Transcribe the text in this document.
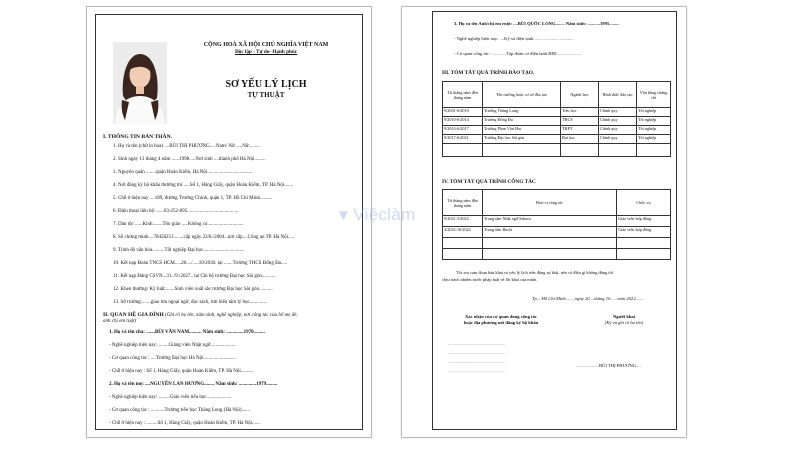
CỘNG HOÀ XÃ HỘI CHỦ NGHĨA VIỆT NAM
Độc lập - Tự do- Hạnh phúc
SƠ YẾU LÝ LỊCH
TỰ THUẬT
I. THÔNG TIN BẢN THÂN.
1. Họ và tên (chữ in hoa) ....BÙI THỊ PHƯƠNG.....Nam/ Nữ .....Nữ.........
2. Sinh ngày 13 tháng 4 năm ......1998.....Nơi sinh ....thành phố Hà Nội.........
3. Nguyên quán ........quận Hoàn Kiếm, Hà Nội....................................
4. Nơi đăng ký hộ khẩu thường trú .....Số 1, Hàng Giấy, quận Hoàn Kiếm, TP. Hà Nội.......
5. Chỗ ở hiện nay ....189, đường Trường Chinh, quận 1, TP. Hồ Chí Minh..........
6. Điện thoại liên hệ: ......03-252-895.........................................
7. Dân tộc ......Kinh........Tôn giáo .....Không có.............................
8. Số chứng minh....78458251........cấp ngày 22/8./2004...nơi cấp....Công an TP. Hà Nội.....
9. Trình độ văn hóa..........Tốt nghiệp Đại học.................................
10. Kết nạp Đoàn TNCS HCM.....26..../.....10/2030. tại .......Trường THCS Đống Đa.....
11. Kết nạp Đảng CSVN...31../9./2027.. tại Chi bộ trường Đại học Sài gòn...........
12. Khen thưởng/ Kỷ luật:.......Sinh viên xuất sắc trường Đại học Sài gòn...........
13. Sở trường:.......giao lưu ngoại ngữ, đọc sách, tìm hiểu tâm lý học..............
II. QUAN HỆ GIA ĐÌNH (Ghi rõ họ tên, năm sinh, nghề nghiệp, nơi công tác của bố mẹ đẻ,
anh chị em ruột)
1. Họ và tên cha: .......BÙI VĂN NAM.......... Năm sinh: ..............1970.........
- Nghề nghiệp hiện nay: ........Giảng viên Nhật ngữ....................
- Cơ quan công tác : ....Trường Đại học Hà Nội..........................
- Chỗ ở hiện nay : Số 1, Hàng Giấy, quận Hoàn Kiếm, TP. Hà Nội..........
2. Họ và tên mẹ: ....NGUYỄN LAN HƯƠNG........ Năm sinh: ..............1979.........
- Nghề nghiệp hiện nay: .........Giáo viên tiểu học....................
- Cơ quan công tác : ...........Trường tiểu học Thăng Long (Hà Nội).......
- Chỗ ở hiện nay : .........Số 1, Hàng Giấy, quận Hoàn Kiếm, TP. Hà Nội.......
3. Họ và tên Anh/chị em ruột: ....BÙI QUỐC LONG........ Năm sinh: ...........1995.........
- Nghề nghiệp hiện nay: ....Kỹ sư điện lạnh...................................
- Cơ quan công tác : ............Tập đoàn cơ điện lạnh REE.....................
III. TÓM TẮT QUÁ TRÌNH ĐÀO TẠO.
Từ tháng năm đến tháng năm	Tên trường hoặc cơ sở đào tạo	Ngành học	Hình thức đào tạo	Văn bằng chứng chỉ
9/2001-6/2010	Trường Thăng Long	Tiểu học	Chính quy	Tốt nghiệp
9/2010-6/2014	Trường Đống Đa	THCS	Chính quy	Tốt nghiệp
9/2014-6/2017	Trường Phan Văn Hai	THPT	Chính quy	Tốt nghiệp
9/2017-6/2021	Trường Đại học Sài gòn	Đại học	Chính quy	Tốt nghiệp

IV. TÓM TẮT QUÁ TRÌNH CÔNG TÁC
Từ tháng năm đến tháng năm	Đơn vị công tác	Chức vụ
9/2021-3/2022	Trung tâm Nhật ngữ Sakura	Giáo viên hợp đồng
4/2022-10/2022	Trung tâm Hachi	Giáo viên hợp đồng

Tôi xin cam đoan bản khai sơ yếu lý lịch trên đúng sự thật, nếu có điều gì không đúng tôi
chịu trách nhiệm trước pháp luật về lời khai của mình.
Tp....Hồ Chí Minh......, ngày 20....tháng 10..... năm 2022.......
Xác nhận của cơ quan đang công tác
hoặc địa phương nơi đăng ký hộ khẩu
Người khai
(Ký và ghi rõ họ tên)
..................................................
..................................................
..................................................
..................................................
....................BÙI THỊ PHƯƠNG....
▼ Việclàm
